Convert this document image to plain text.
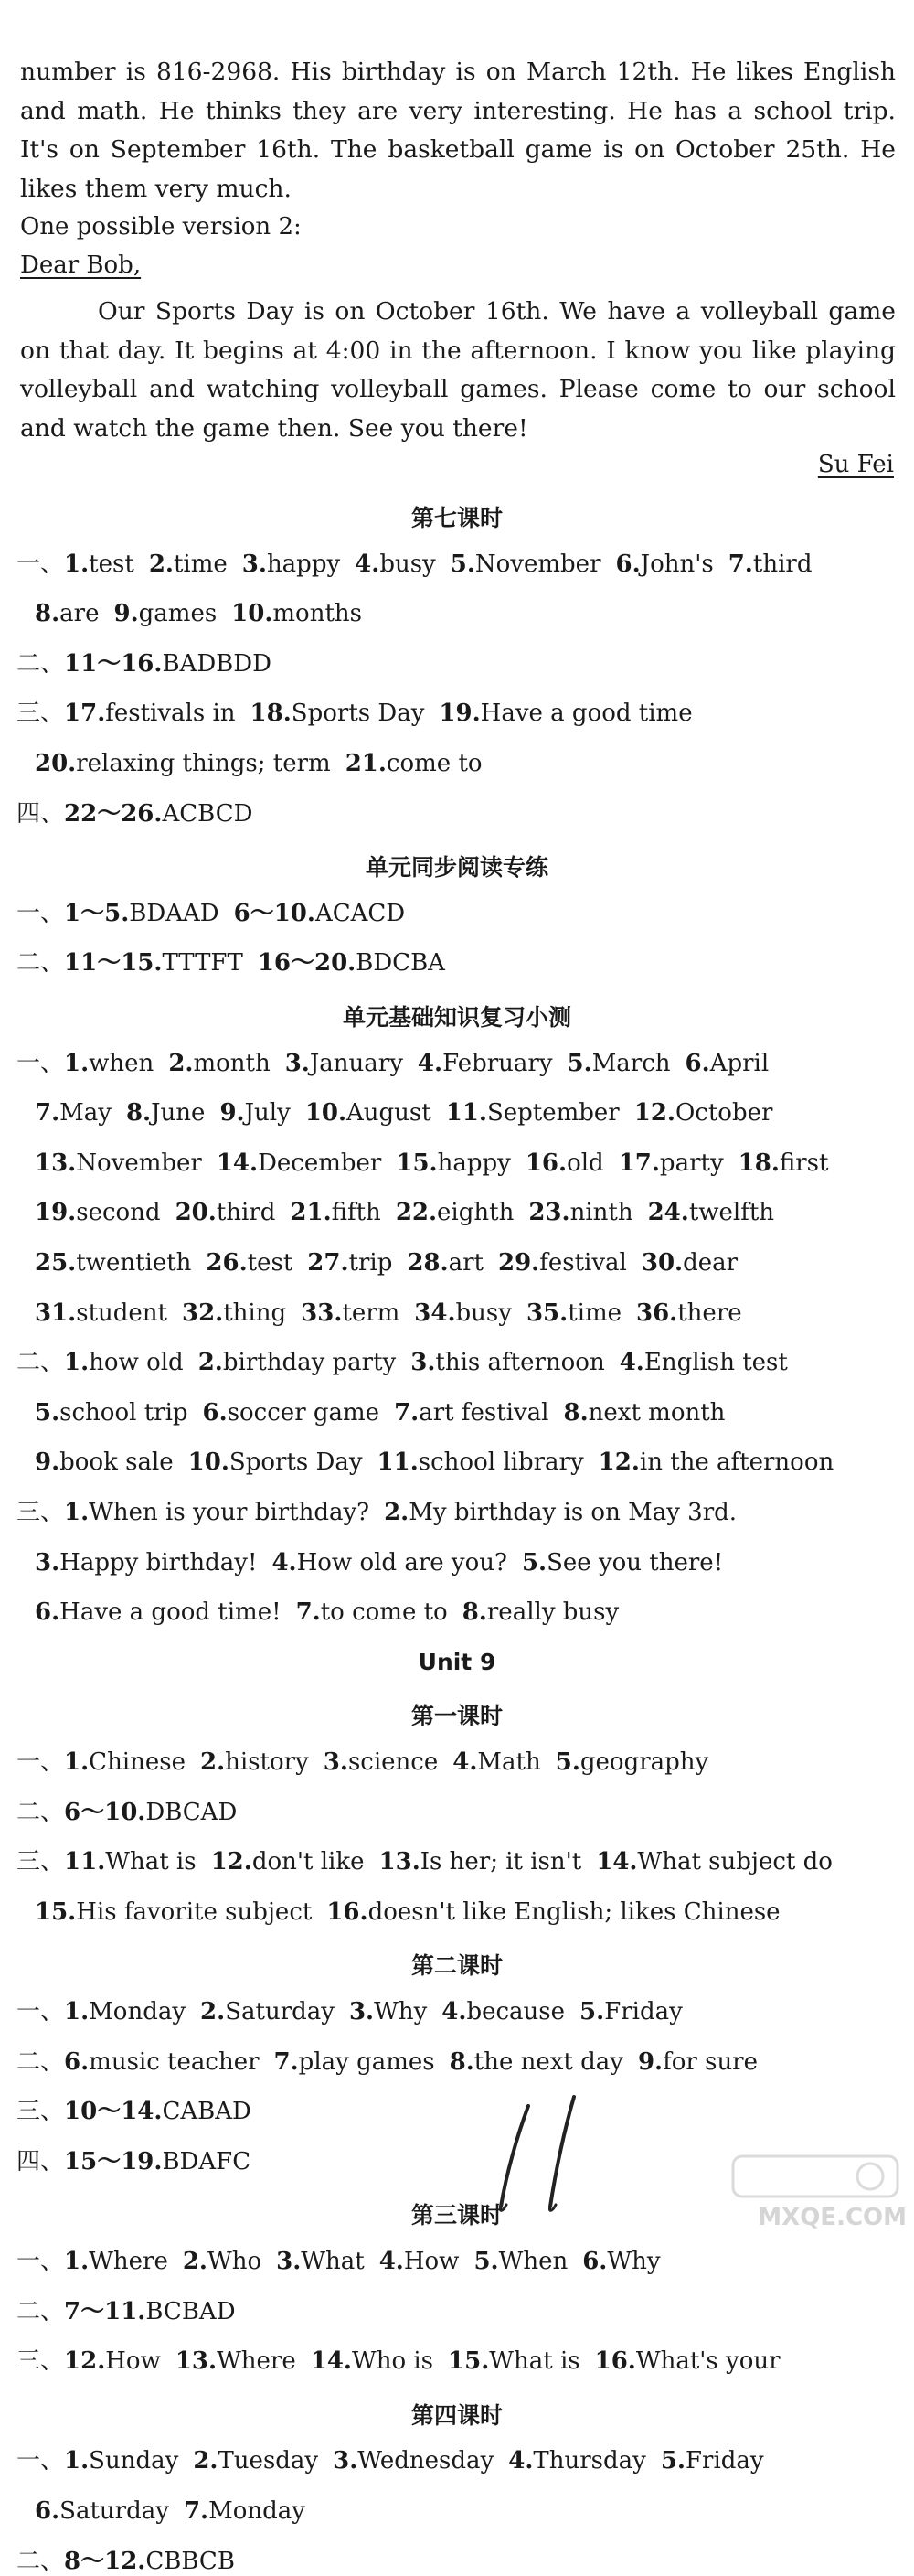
number is 816-2968. His birthday is on March 12th. He likes English and math. He thinks they are very interesting. He has a school trip. It's on September 16th. The basketball game is on October 25th. He likes them very much.

One possible version 2:
Dear Bob,

Our Sports Day is on October 16th. We have a volleyball game on that day. It begins at 4:00 in the afternoon. I know you like playing volleyball and watching volleyball games. Please come to our school and watch the game then. See you there!

Su Fei
第七课时
一、1.test 2.time 3.happy 4.busy 5.November 6.John's 7.third
8.are 9.games 10.months
二、11～16.BADBDD
三、17.festivals in 18.Sports Day 19.Have a good time
20.relaxing things; term 21.come to
四、22～26.ACBCD
单元同步阅读专练
一、1～5.BDAAD 6～10.ACACD
二、11～15.TTTFT 16～20.BDCBA
单元基础知识复习小测
一、1.when 2.month 3.January 4.February 5.March 6.April
7.May 8.June 9.July 10.August 11.September 12.October
13.November 14.December 15.happy 16.old 17.party 18.first
19.second 20.third 21.fifth 22.eighth 23.ninth 24.twelfth
25.twentieth 26.test 27.trip 28.art 29.festival 30.dear
31.student 32.thing 33.term 34.busy 35.time 36.there
二、1.how old 2.birthday party 3.this afternoon 4.English test
5.school trip 6.soccer game 7.art festival 8.next month
9.book sale 10.Sports Day 11.school library 12.in the afternoon
三、1.When is your birthday? 2.My birthday is on May 3rd.
3.Happy birthday! 4.How old are you? 5.See you there!
6.Have a good time! 7.to come to 8.really busy
Unit 9
第一课时
一、1.Chinese 2.history 3.science 4.Math 5.geography
二、6～10.DBCAD
三、11.What is 12.don't like 13.Is her; it isn't 14.What subject do
15.His favorite subject 16.doesn't like English; likes Chinese
第二课时
一、1.Monday 2.Saturday 3.Why 4.because 5.Friday
二、6.music teacher 7.play games 8.the next day 9.for sure
三、10～14.CABAD
四、15～19.BDAFC
第三课时
一、1.Where 2.Who 3.What 4.How 5.When 6.Why
二、7～11.BCBAD
三、12.How 13.Where 14.Who is 15.What is 16.What's your
第四课时
一、1.Sunday 2.Tuesday 3.Wednesday 4.Thursday 5.Friday
6.Saturday 7.Monday
二、8～12.CBBCB
11
MXQE.COM
